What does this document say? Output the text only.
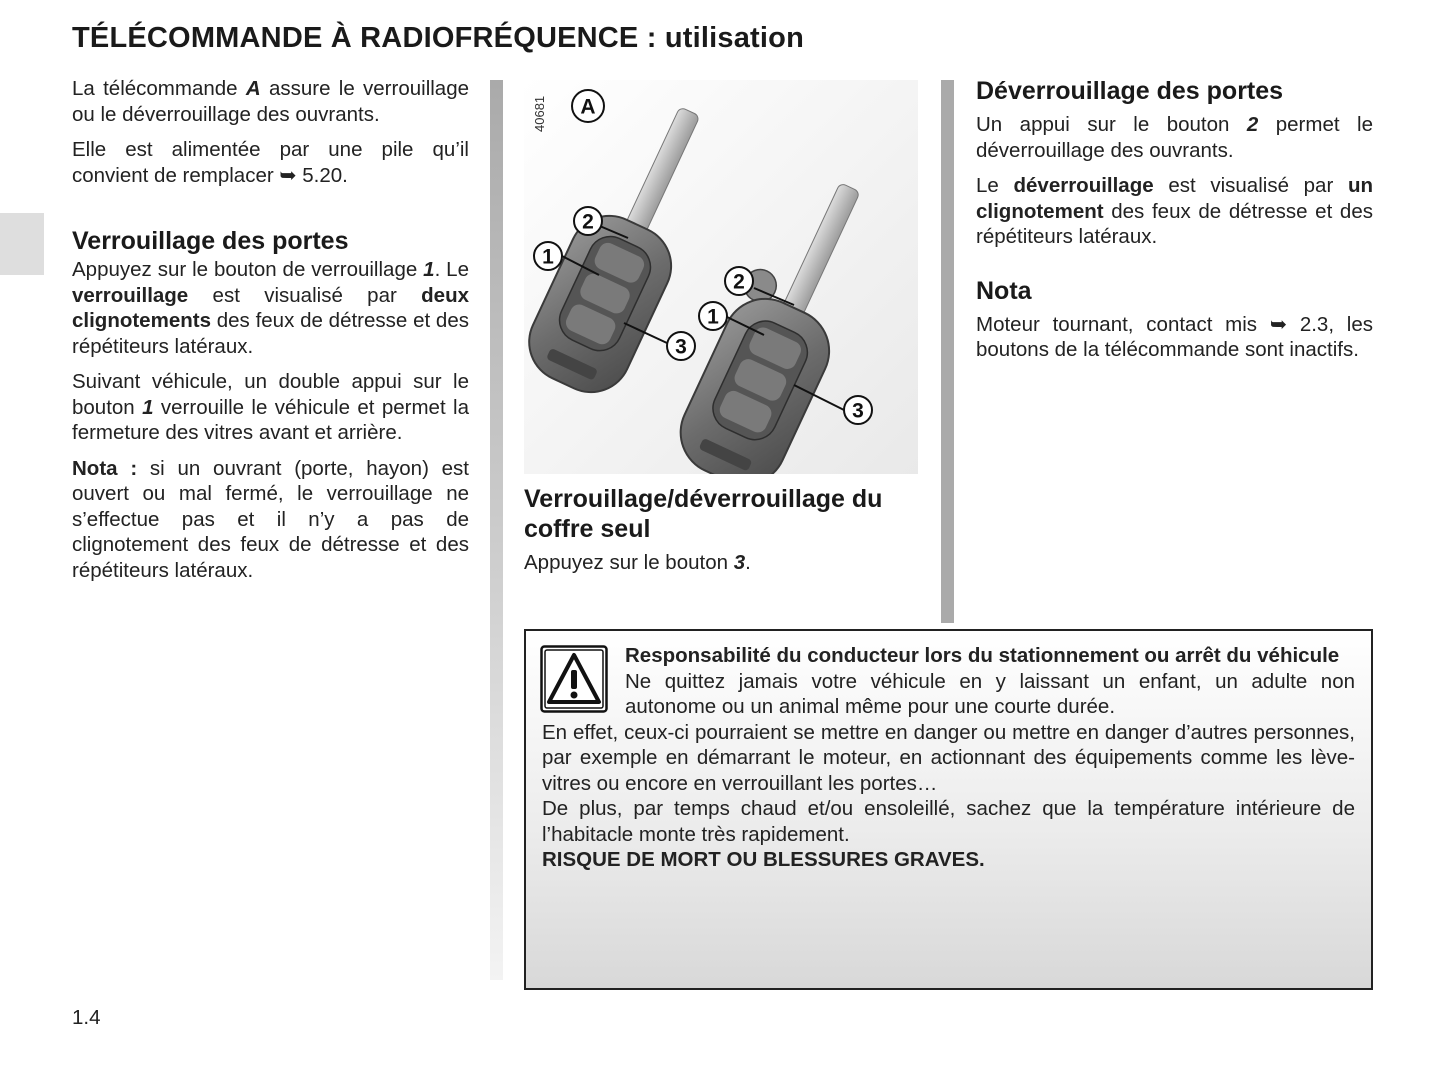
TÉLÉCOMMANDE À RADIOFRÉQUENCE : utilisation

La télécommande A assure le verrouillage ou le déverrouillage des ouvrants.

Elle est alimentée par une pile qu’il convient de remplacer ➥ 5.20.

Verrouillage des portes

Appuyez sur le bouton de verrouillage 1. Le verrouillage est visualisé par deux clignotements des feux de détresse et des répétiteurs latéraux.

Suivant véhicule, un double appui sur le bouton 1 verrouille le véhicule et permet la fermeture des vitres avant et arrière.

Nota : si un ouvrant (porte, hayon) est ouvert ou mal fermé, le verrouillage ne s’effectue pas et il n’y a pas de clignotement des feux de détresse et des répétiteurs latéraux.

40681
2
1
3
2
1
3
A
Verrouillage/déverrouillage du coffre seul

Appuyez sur le bouton 3.

Déverrouillage des portes

Un appui sur le bouton 2 permet le déverrouillage des ouvrants.

Le déverrouillage est visualisé par un clignotement des feux de détresse et des répétiteurs latéraux.

Nota

Moteur tournant, contact mis ➥ 2.3, les boutons de la télécommande sont inactifs.

Responsabilité du conducteur lors du stationnement ou arrêt du véhicule

Ne quittez jamais votre véhicule en y laissant un enfant, un adulte non autonome ou un animal même pour une courte durée.

En effet, ceux-ci pourraient se mettre en danger ou mettre en danger d’autres personnes, par exemple en démarrant le moteur, en actionnant des équipements comme les lève-vitres ou encore en verrouillant les portes…

De plus, par temps chaud et/ou ensoleillé, sachez que la température intérieure de l’habitacle monte très rapidement.

RISQUE DE MORT OU BLESSURES GRAVES.

1.4
